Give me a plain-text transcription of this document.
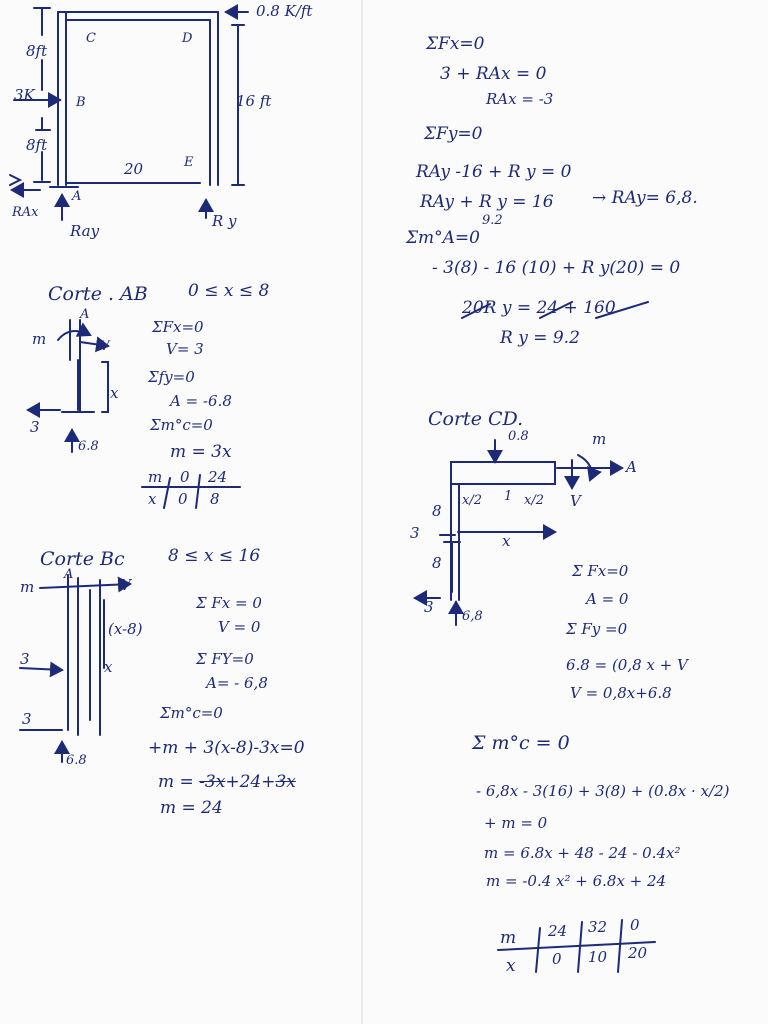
0.8 K/ft
8ft
8ft
3K	16 ft
20
C	D
B
E
A
RAx
Ray
R y
Corte . AB 0 ≤ x ≤ 8
m
A
V
x
3
6.8
ΣFx=0
V= 3
Σfy=0
A = -6.8
Σm°c=0
m = 3x
m 0 24
x 0 8
Corte Bc	8 ≤ x ≤ 16
m
A
V
(x-8)
x
3
3
6.8
Σ Fx = 0
V = 0
Σ FY=0
A= - 6,8
Σm°c=0
+m + 3(x-8)-3x=0
m = -3x+24+3x
m = 24
ΣFx=0
3 + RAx = 0
RAx = -3
ΣFy=0
RAy -16 + R y = 0
RAy + R y = 16
9.2
→ RAy= 6,8.
Σm°A=0
- 3(8) - 16 (10) + R y(20) = 0
20R y = 24 + 160
R y = 9.2
Corte CD.
0.8	m
A
V
8
8
3
3
6,8
x/2 1 x/2
x
Σ Fx=0
A = 0
Σ Fy =0
6.8 = (0,8 x + V
V = 0,8x+6.8
Σ m°c = 0
- 6,8x - 3(16) + 3(8) + (0.8x · x/2)
+ m = 0
m = 6.8x + 48 - 24 - 0.4x²
m = -0.4 x² + 6.8x + 24
m 24 32 0
x 0 10 20
